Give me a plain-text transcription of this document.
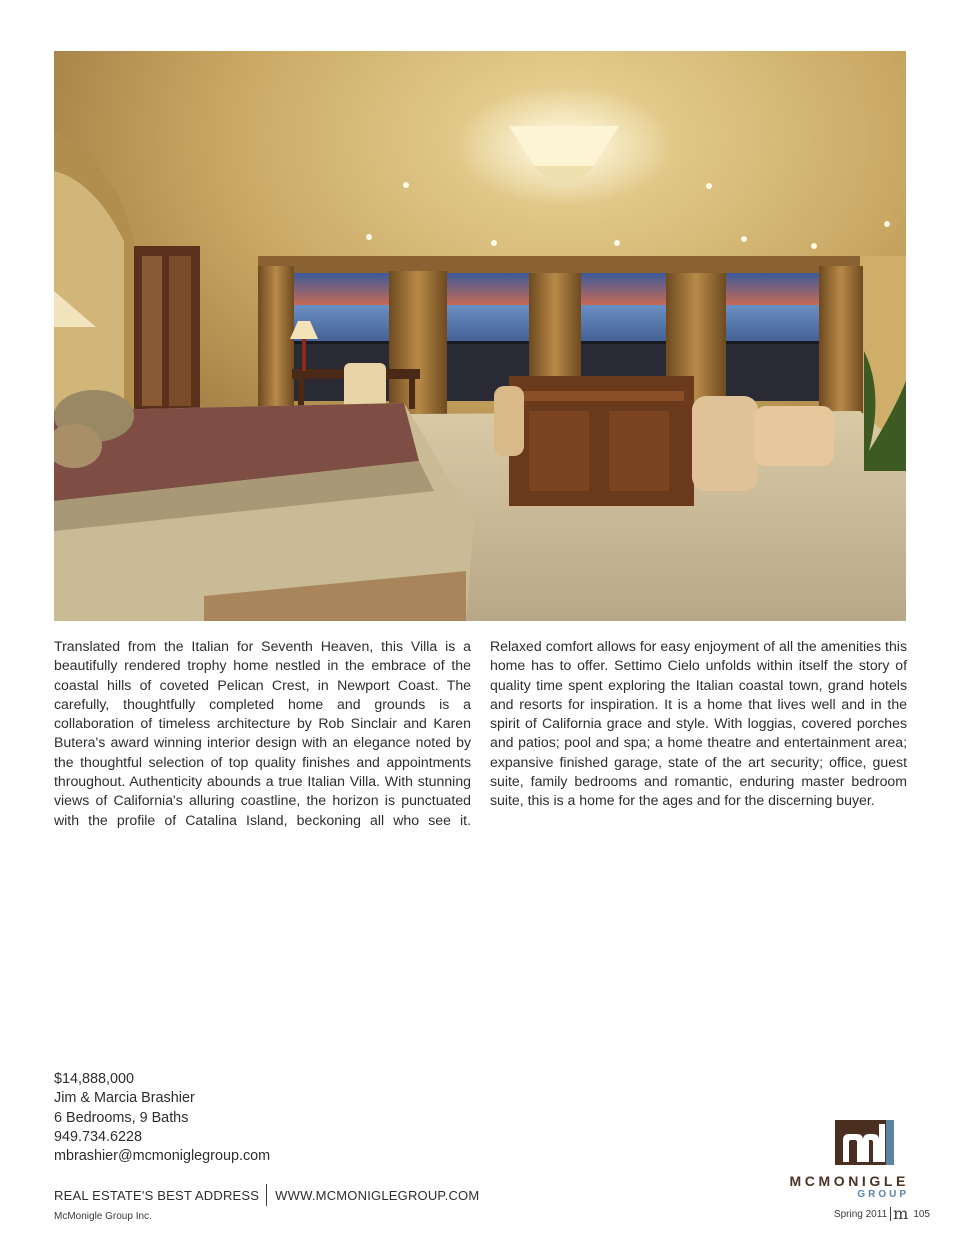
Translated from the Italian for Seventh Heaven, this Villa is a beautifully rendered trophy home nestled in the embrace of the coastal hills of coveted Pelican Crest, in Newport Coast. The carefully, thoughtfully completed home and grounds is a collaboration of timeless architecture by Rob Sinclair and Karen Butera's award winning interior design with an elegance noted by the thoughtful selection of top quality finishes and appointments throughout. Authenticity abounds a true Italian Villa. With stunning views of California's alluring coastline, the horizon is punctuated with the profile of Catalina Island, beckoning all who see it. Relaxed comfort allows for easy enjoyment of all the amenities this home has to offer. Settimo Cielo unfolds within itself the story of quality time spent exploring the Italian coastal town, grand hotels and resorts for inspiration. It is a home that lives well and in the spirit of California grace and style. With loggias, covered porches and patios; pool and spa; a home theatre and entertainment area; expansive finished garage, state of the art security; office, guest suite, family bedrooms and romantic, enduring master bedroom suite, this is a home for the ages and for the discerning buyer.
$14,888,000
Jim & Marcia Brashier
6 Bedrooms, 9 Baths
949.734.6228
mbrashier@mcmoniglegroup.com
REAL ESTATE'S BEST ADDRESS WWW.MCMONIGLEGROUP.COM
McMonigle Group Inc.	Spring 2011 m 105
MCMONIGLE
GROUP
